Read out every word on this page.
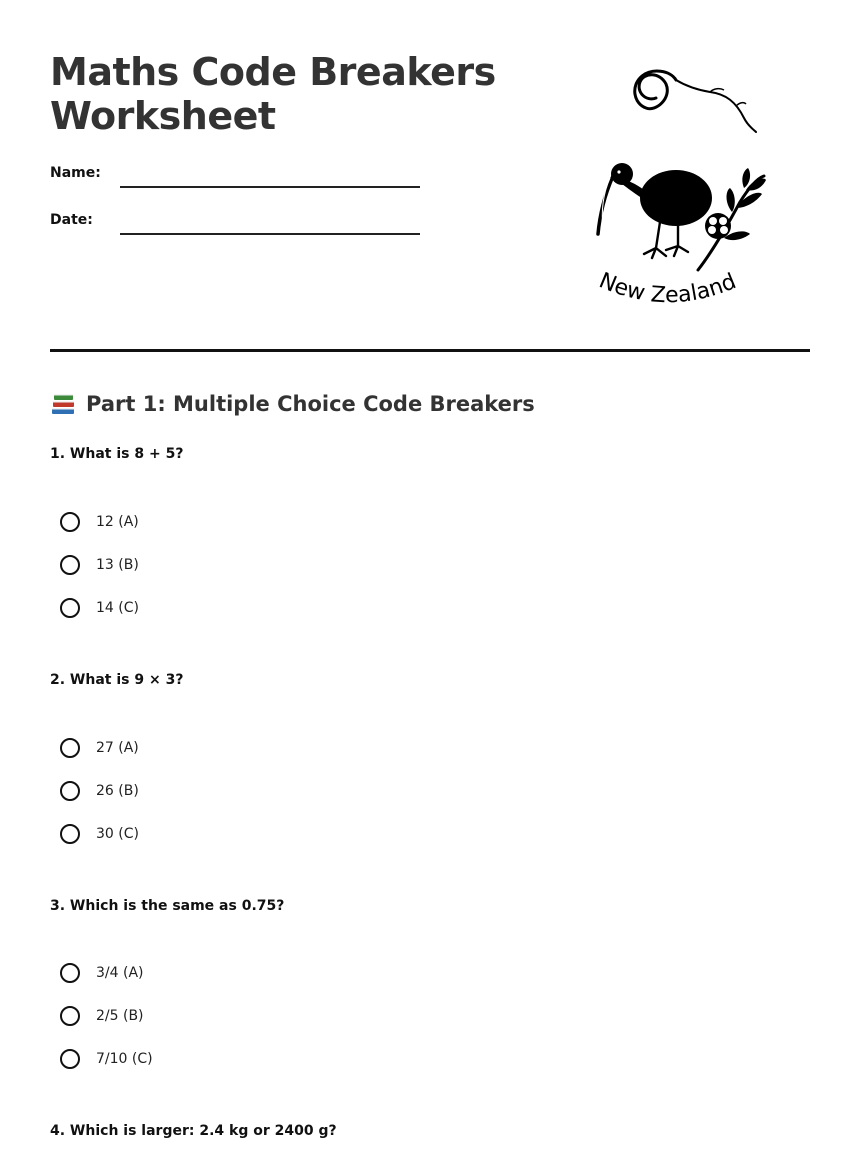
Maths Code Breakers
Worksheet
Name:
Date:
New Zealand
Part 1: Multiple Choice Code Breakers
1. What is 8 + 5?
12 (A)
13 (B)
14 (C)
2. What is 9 × 3?
27 (A)
26 (B)
30 (C)
3. Which is the same as 0.75?
3/4 (A)
2/5 (B)
7/10 (C)
4. Which is larger: 2.4 kg or 2400 g?
